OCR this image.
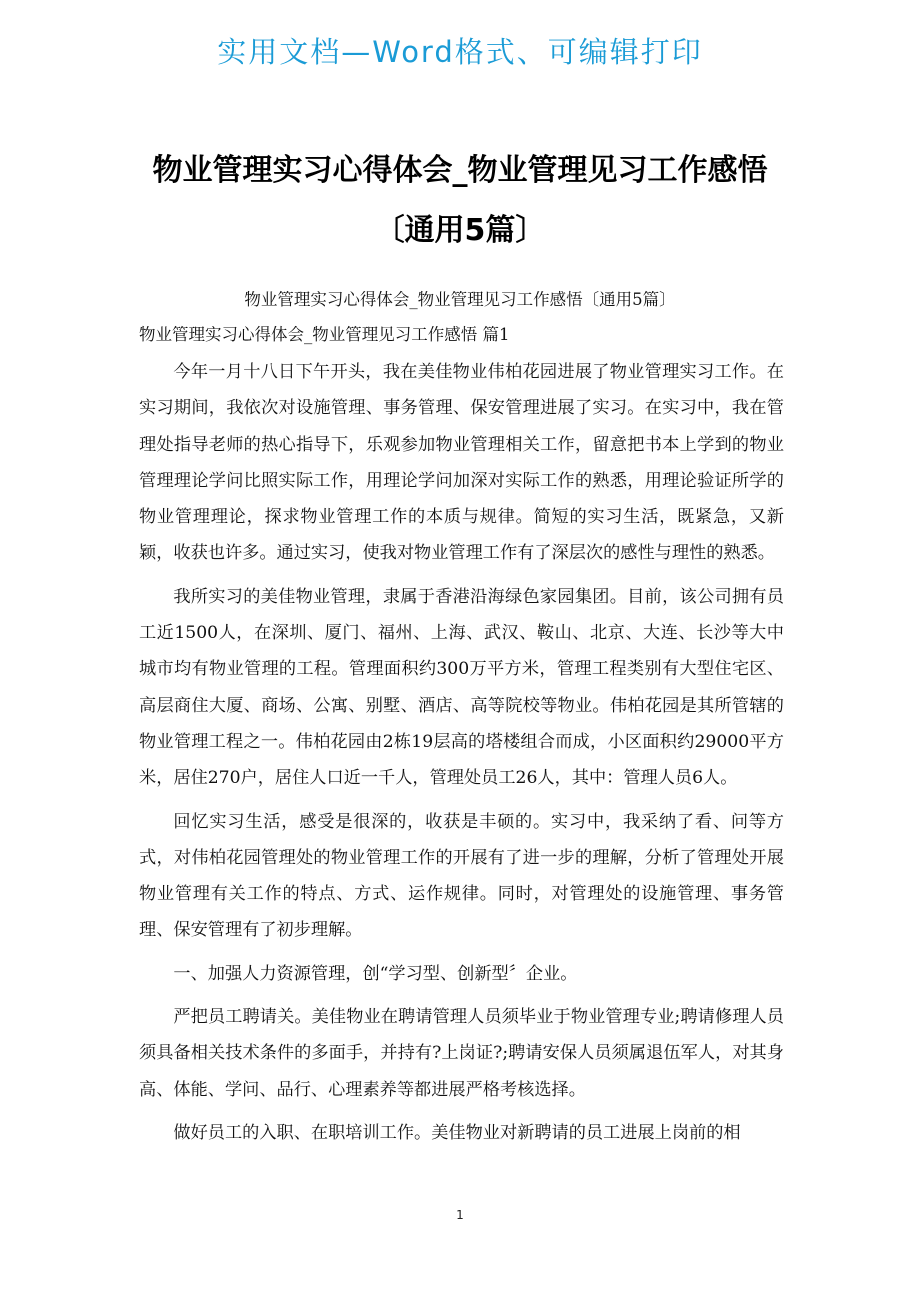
实用文档—Word格式、可编辑打印
物业管理实习心得体会_物业管理见习工作感悟
〔通用5篇〕
物业管理实习心得体会_物业管理见习工作感悟〔通用5篇〕
物业管理实习心得体会_物业管理见习工作感悟 篇1

今年一月十八日下午开头，我在美佳物业伟柏花园进展了物业管理实习工作。在实习期间，我依次对设施管理、事务管理、保安管理进展了实习。在实习中，我在管理处指导老师的热心指导下，乐观参加物业管理相关工作，留意把书本上学到的物业管理理论学问比照实际工作，用理论学问加深对实际工作的熟悉，用理论验证所学的物业管理理论，探求物业管理工作的本质与规律。简短的实习生活，既紧急，又新颖，收获也许多。通过实习，使我对物业管理工作有了深层次的感性与理性的熟悉。

我所实习的美佳物业管理，隶属于香港沿海绿色家园集团。目前，该公司拥有员工近1500人，在深圳、厦门、福州、上海、武汉、鞍山、北京、大连、长沙等大中城市均有物业管理的工程。管理面积约300万平方米，管理工程类别有大型住宅区、高层商住大厦、商场、公寓、别墅、酒店、高等院校等物业。伟柏花园是其所管辖的物业管理工程之一。伟柏花园由2栋19层高的塔楼组合而成，小区面积约29000平方米，居住270户，居住人口近一千人，管理处员工26人，其中：管理人员6人。

回忆实习生活，感受是很深的，收获是丰硕的。实习中，我采纳了看、问等方式，对伟柏花园管理处的物业管理工作的开展有了进一步的理解，分析了管理处开展物业管理有关工作的特点、方式、运作规律。同时，对管理处的设施管理、事务管理、保安管理有了初步理解。

一、加强人力资源管理，创“学习型、创新型〞企业。

严把员工聘请关。美佳物业在聘请管理人员须毕业于物业管理专业;聘请修理人员须具备相关技术条件的多面手，并持有?上岗证?;聘请安保人员须属退伍军人，对其身高、体能、学问、品行、心理素养等都进展严格考核选择。

做好员工的入职、在职培训工作。美佳物业对新聘请的员工进展上岗前的相

1
